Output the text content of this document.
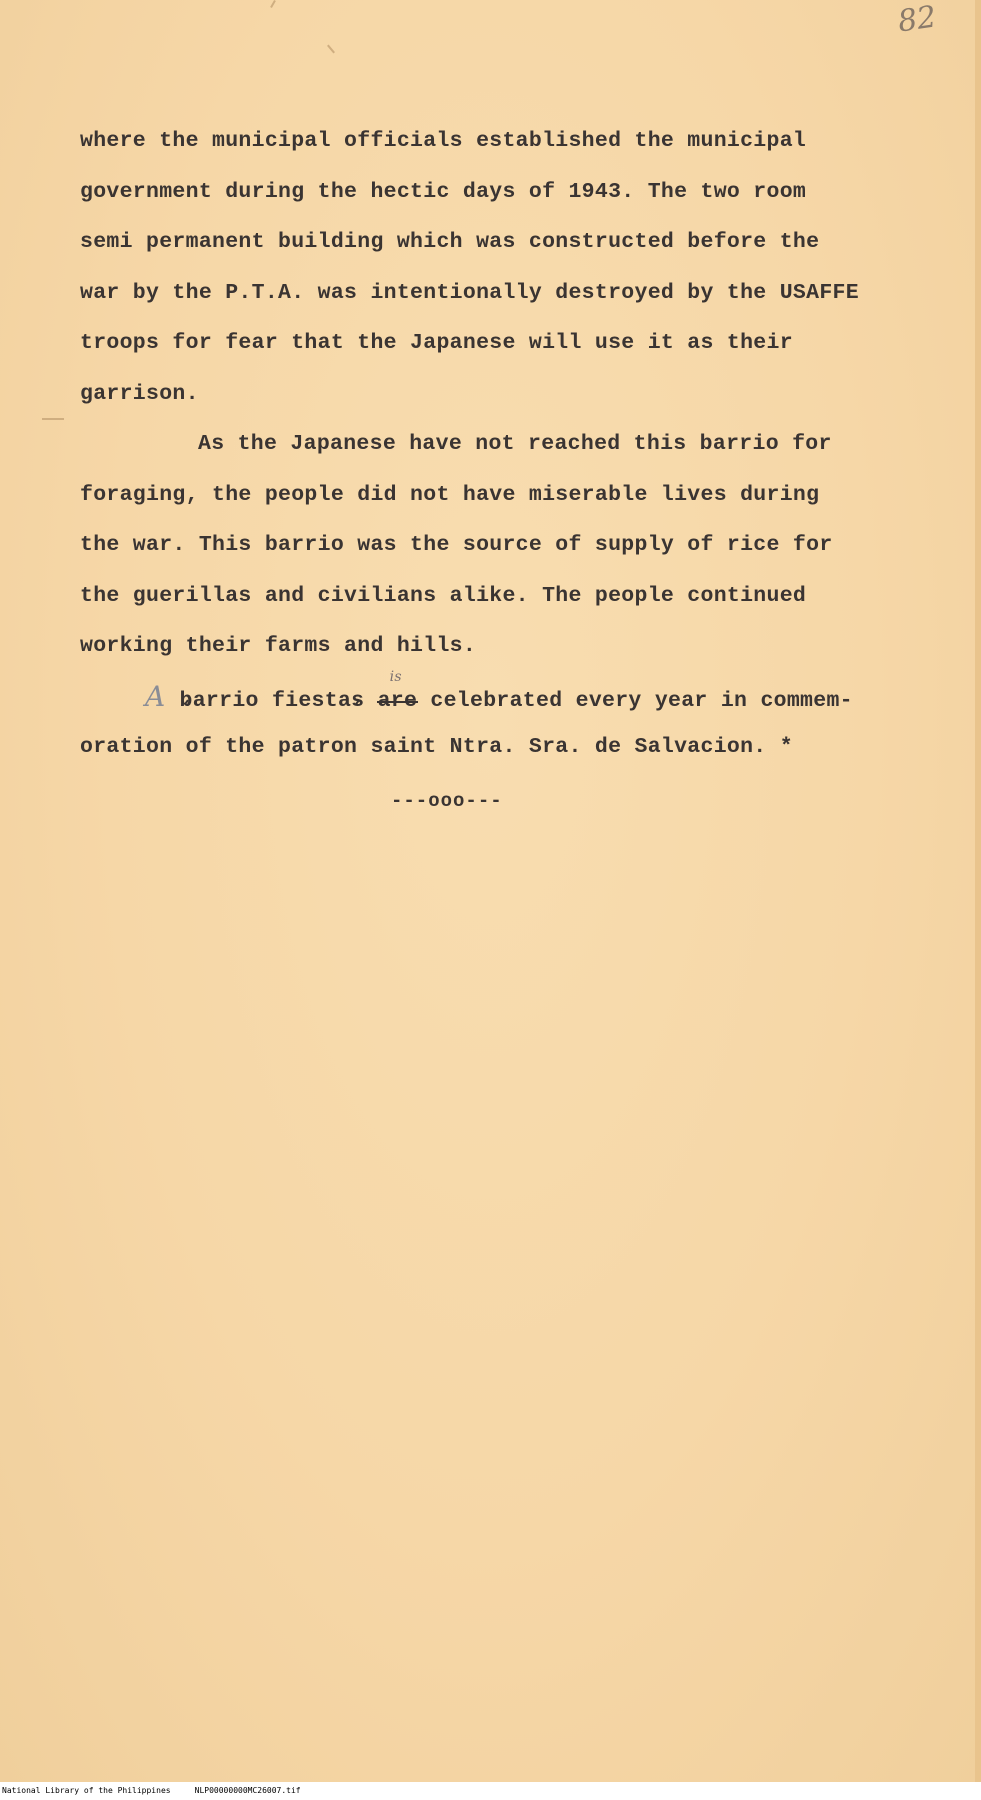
82
where the municipal officials established the municipal
government during the hectic days of 1943. The two room
semi permanent building which was constructed before the
war by the P.T.A. was intentionally destroyed by the USAFFE
troops for fear that the Japanese will use it as their
garrison.
As the Japanese have not reached this barrio for
foraging, the people did not have miserable lives during
the war. This barrio was the source of supply of rice for
the guerillas and civilians alike. The people continued
working their farms and hills.
A barrio fiestas
is
are celebrated every year in commem-
oration of the patron saint Ntra. Sra. de Salvacion. *
---ooo---
National Library of the Philippines     NLP00000000MC26007.tif
